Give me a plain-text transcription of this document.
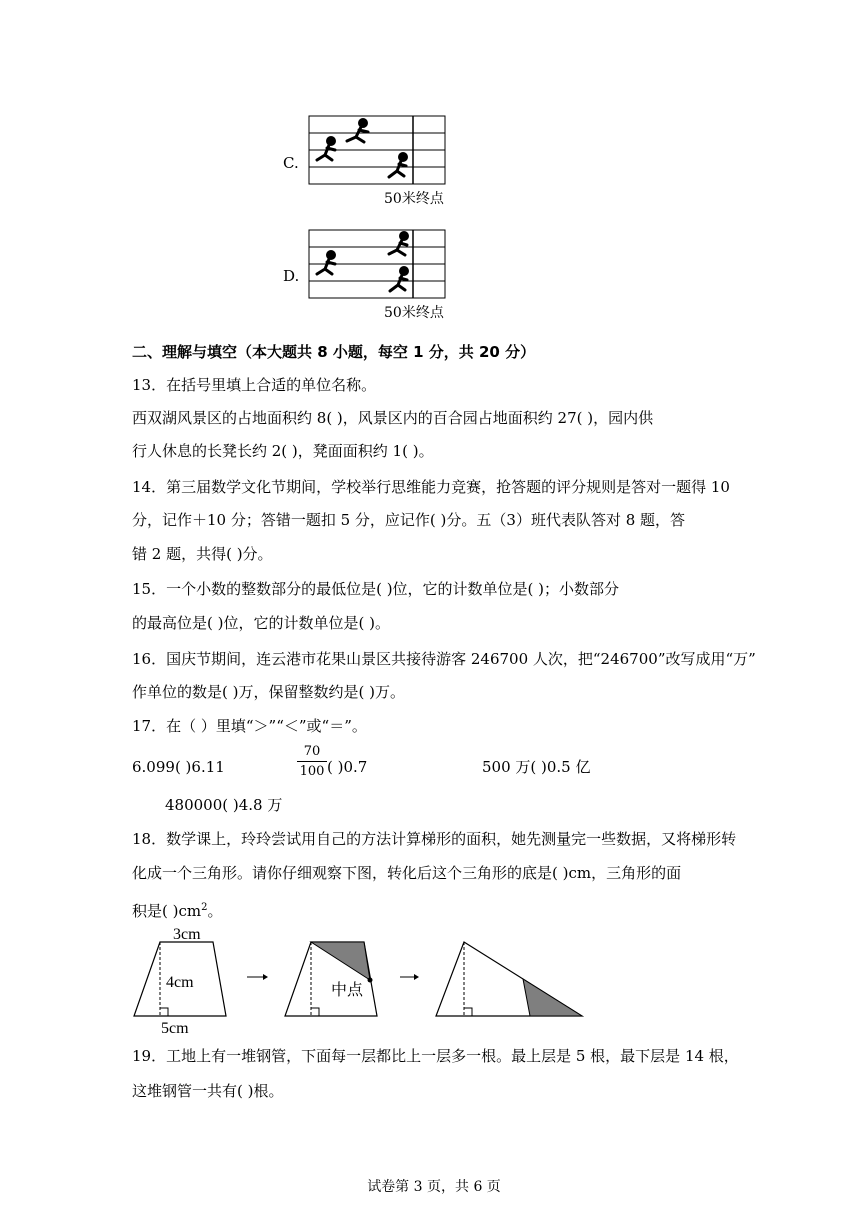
C.
50米终点
D.
50米终点
二、理解与填空（本大题共 8 小题，每空 1 分，共 20 分）
13．在括号里填上合适的单位名称。
西双湖风景区的占地面积约 8( )，风景区内的百合园占地面积约 27( )，园内供
行人休息的长凳长约 2( )，凳面面积约 1( )。
14．第三届数学文化节期间，学校举行思维能力竞赛，抢答题的评分规则是答对一题得 10
分，记作＋10 分；答错一题扣 5 分，应记作( )分。五（3）班代表队答对 8 题，答
错 2 题，共得( )分。
15．一个小数的整数部分的最低位是( )位，它的计数单位是( )；小数部分
的最高位是( )位，它的计数单位是( )。
16．国庆节期间，连云港市花果山景区共接待游客 246700 人次，把“246700”改写成用“万”
作单位的数是( )万，保留整数约是( )万。
17．在（ ）里填“＞”“＜”或“＝”。
6.099( )6.11
70
100 ( )0.7	500 万( )0.5 亿
480000( )4.8 万
18．数学课上，玲玲尝试用自己的方法计算梯形的面积，她先测量完一些数据，又将梯形转
化成一个三角形。请你仔细观察下图，转化后这个三角形的底是( )cm，三角形的面
积是( )$cm^2$。
3cm
4cm
5cm
中点
19．工地上有一堆钢管，下面每一层都比上一层多一根。最上层是 5 根，最下层是 14 根，
这堆钢管一共有( )根。
试卷第 3 页，共 6 页
